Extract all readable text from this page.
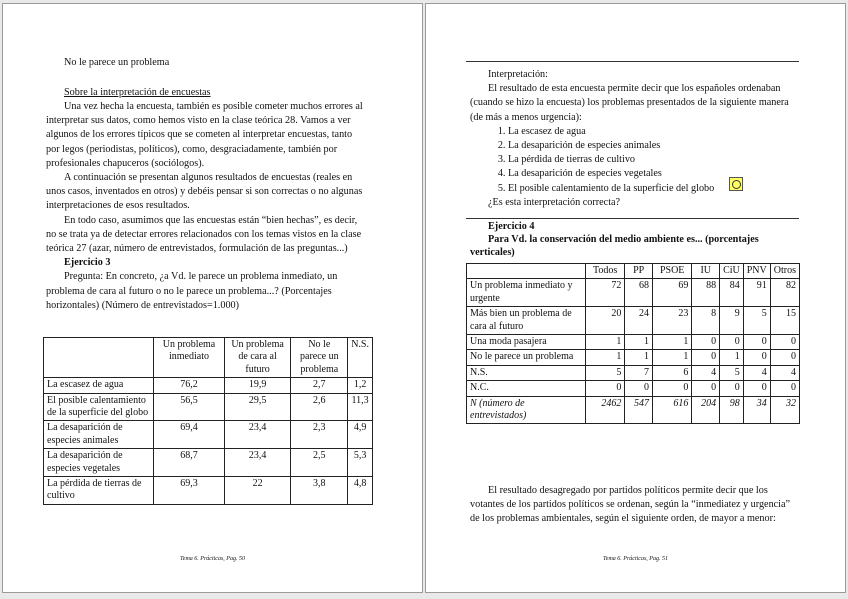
No le parece un problema
Sobre la interpretación de encuestas

Una vez hecha la encuesta, también es posible cometer muchos errores al interpretar sus datos, como hemos visto en la clase teórica 28. Vamos a ver algunos de los errores típicos que se cometen al interpretar encuestas, tanto por legos (periodistas, políticos), como, desgraciadamente, también por profesionales chapuceros (sociólogos).

A continuación se presentan algunos resultados de encuestas (reales en unos casos, inventados en otros) y debéis pensar si son correctas o no algunas interpretaciones de esos resultados.

En todo caso, asumimos que las encuestas están “bien hechas”, es decir, no se trata ya de detectar errores relacionados con los temas vistos en la clase teórica 27 (azar, número de entrevistados, formulación de las preguntas...)

Ejercicio 3

Pregunta: En concreto, ¿a Vd. le parece un problema inmediato, un problema de cara al futuro o no le parece un problema...? (Porcentajes horizontales) (Número de entrevistados=1.000)

	Un problema inmediato	Un problema de cara al futuro	No le parece un problema	N.S.
La escasez de agua	76,2	19,9	2,7	1,2
El posible calentamiento de la superficie del globo	56,5	29,5	2,6	11,3
La desaparición de especies animales	69,4	23,4	2,3	4,9
La desaparición de especies vegetales	68,7	23,4	2,5	5,3
La pérdida de tierras de cultivo	69,3	22	3,8	4,8
Tema 6. Prácticas, Pag. 50
Interpretación:

El resultado de esta encuesta permite decir que los españoles ordenaban (cuando se hizo la encuesta) los problemas presentados de la siguiente manera (de más a menos urgencia):

1. La escasez de agua
2. La desaparición de especies animales
3. La pérdida de tierras de cultivo
4. La desaparición de especies vegetales
5. El posible calentamiento de la superficie del globo
¿Es esta interpretación correcta?
Ejercicio 4

Para Vd. la conservación del medio ambiente es... (porcentajes verticales)

	Todos	PP	PSOE	IU	CiU	PNV	Otros
Un problema inmediato y urgente	72	68	69	88	84	91	82
Más bien un problema de cara al futuro	20	24	23	8	9	5	15
Una moda pasajera	1	1	1	0	0	0	0
No le parece un problema	1	1	1	0	1	0	0
N.S.	5	7	6	4	5	4	4
N.C.	0	0	0	0	0	0	0
N (número de entrevistados)	2462	547	616	204	98	34	32

El resultado desagregado por partidos políticos permite decir que los votantes de los partidos políticos se ordenan, según la “inmediatez y urgencia” de los problemas ambientales, según el siguiente orden, de mayor a menor:

Tema 6. Prácticas, Pag. 51
